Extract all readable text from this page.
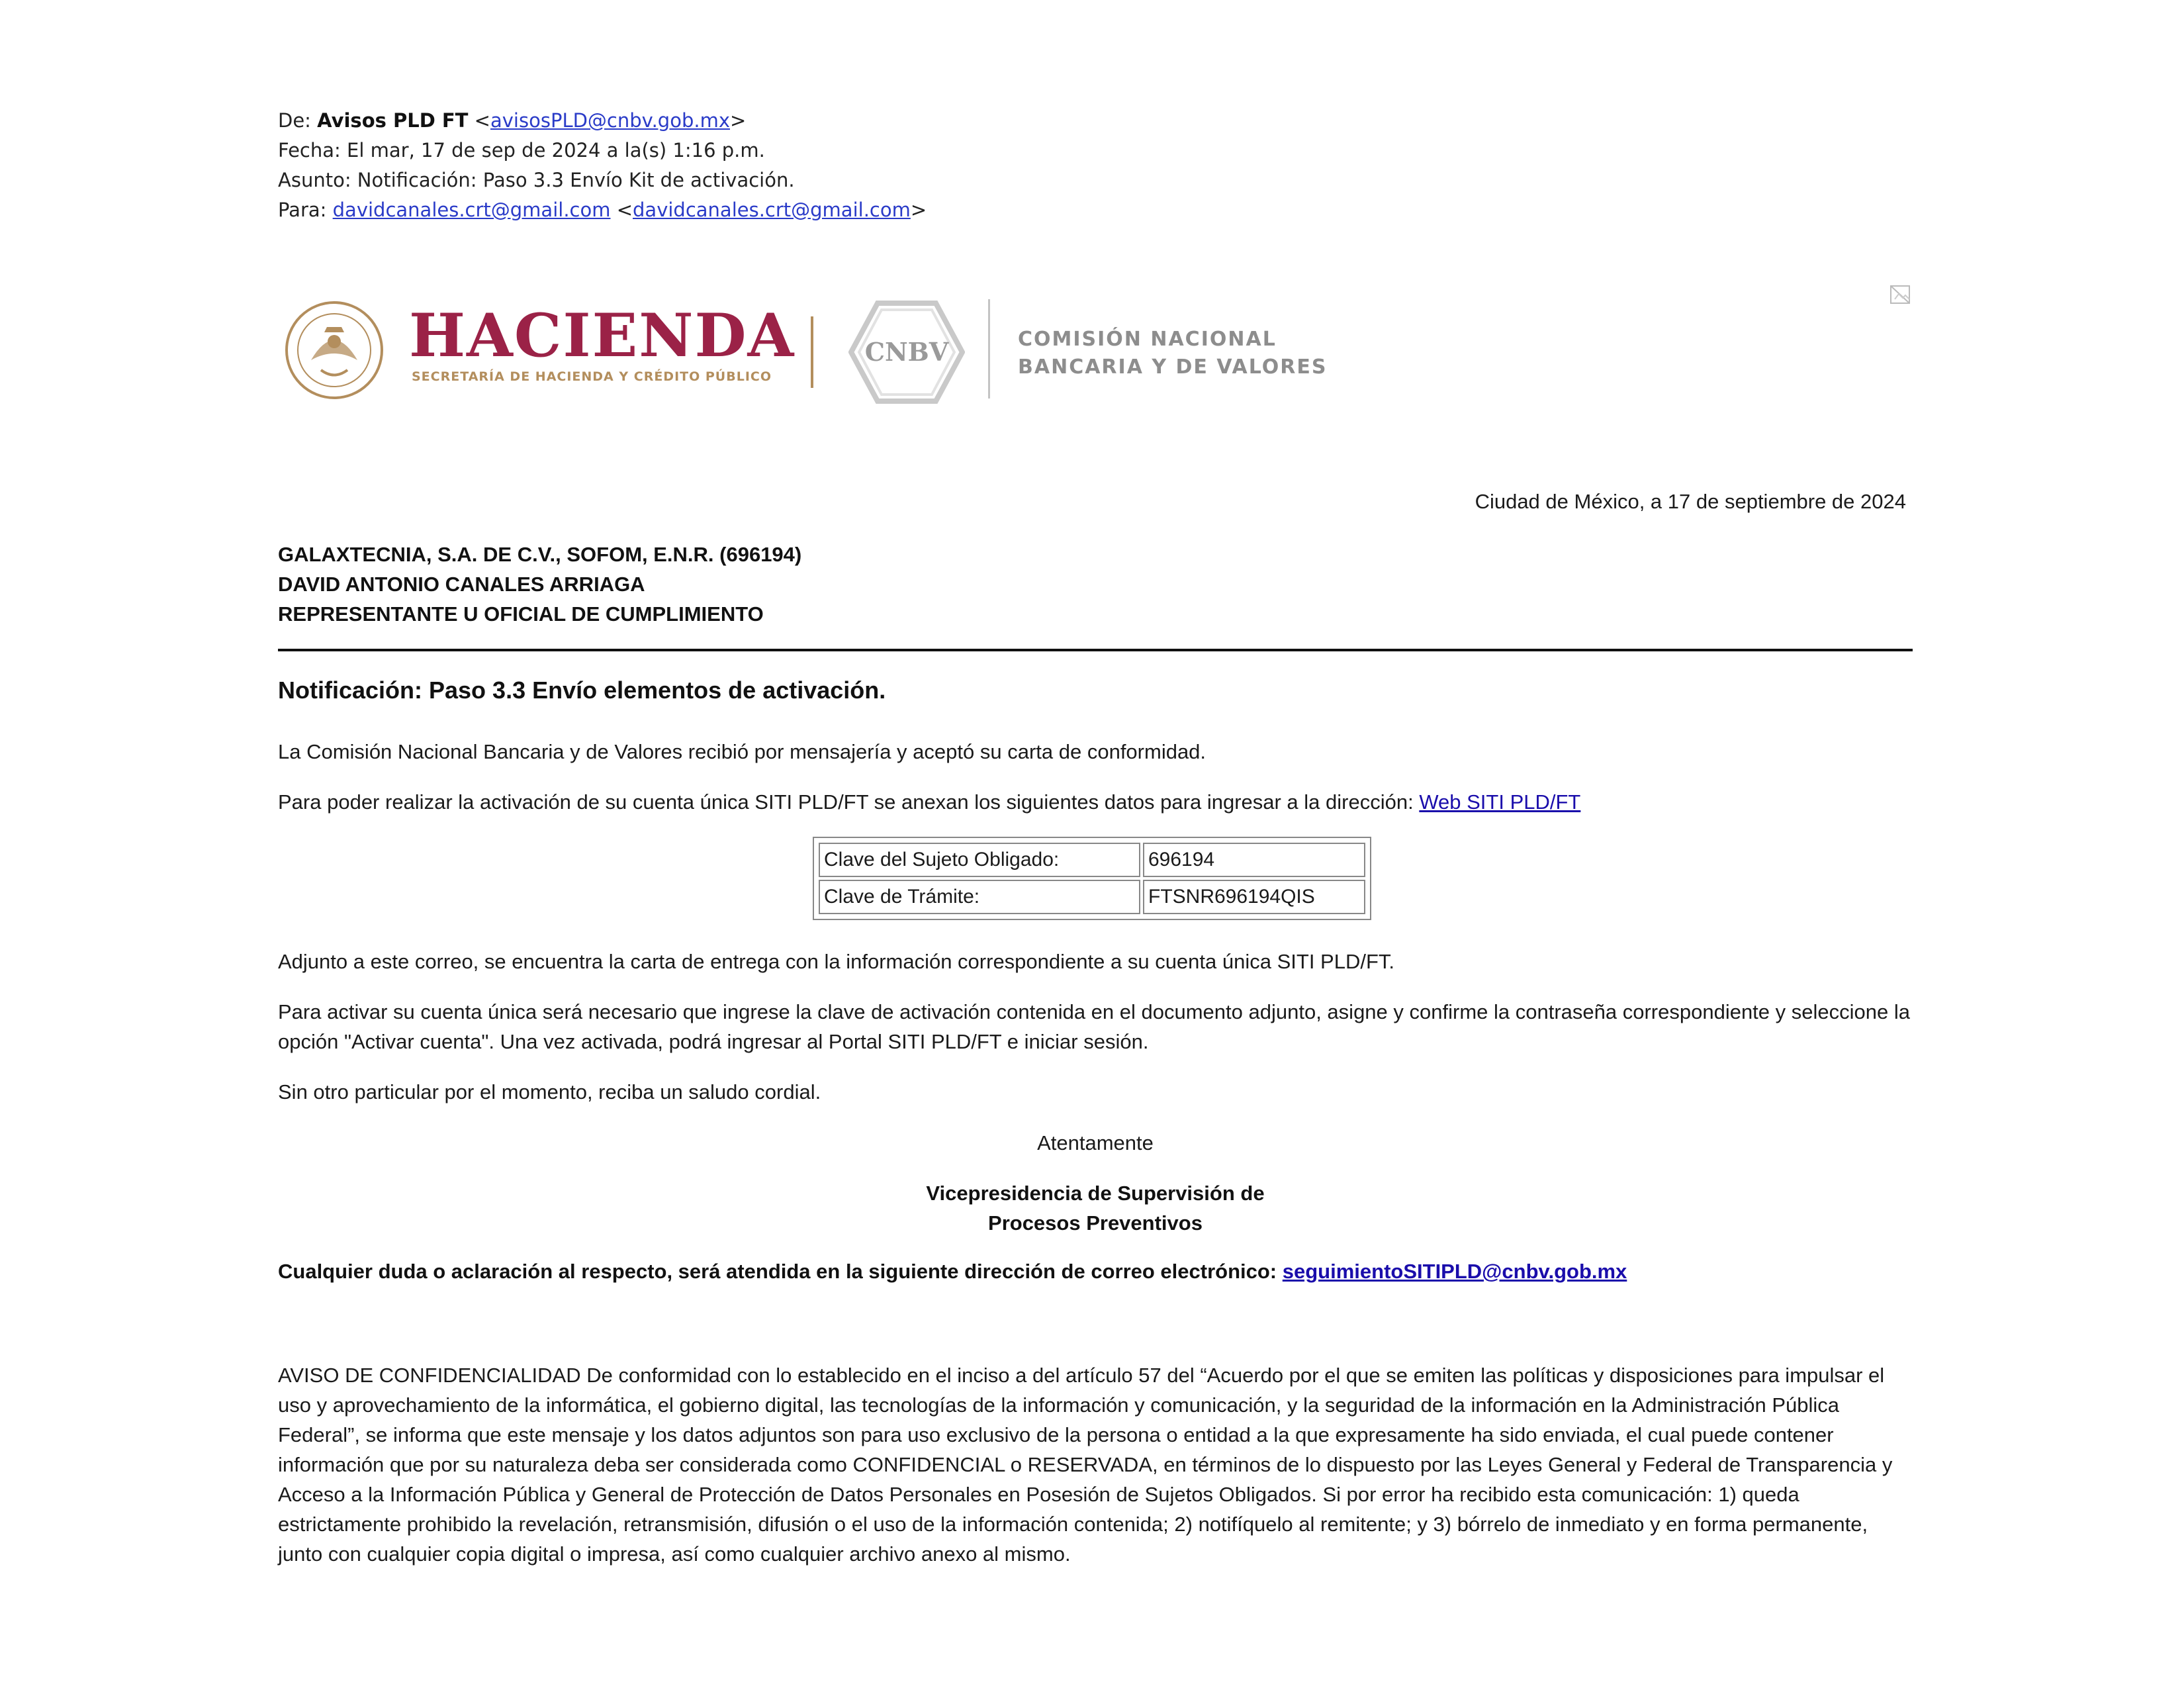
De: Avisos PLD FT <avisosPLD@cnbv.gob.mx>
Fecha: El mar, 17 de sep de 2024 a la(s) 1:16 p.m.
Asunto: Notificación: Paso 3.3 Envío Kit de activación.
Para: davidcanales.crt@gmail.com <davidcanales.crt@gmail.com>
HACIENDA
SECRETARÍA DE HACIENDA Y CRÉDITO PÚBLICO
CNBV	COMISIÓN NACIONAL
BANCARIA Y DE VALORES
Ciudad de México, a 17 de septiembre de 2024
GALAXTECNIA, S.A. DE C.V., SOFOM, E.N.R. (696194)
DAVID ANTONIO CANALES ARRIAGA
REPRESENTANTE U OFICIAL DE CUMPLIMIENTO
Notificación: Paso 3.3 Envío elementos de activación.
La Comisión Nacional Bancaria y de Valores recibió por mensajería y aceptó su carta de conformidad.
Para poder realizar la activación de su cuenta única SITI PLD/FT se anexan los siguientes datos para ingresar a la dirección: Web SITI PLD/FT
Clave del Sujeto Obligado:	696194
Clave de Trámite:	FTSNR696194QIS
Adjunto a este correo, se encuentra la carta de entrega con la información correspondiente a su cuenta única SITI PLD/FT.
Para activar su cuenta única será necesario que ingrese la clave de activación contenida en el documento adjunto, asigne y confirme la contraseña correspondiente y seleccione la opción "Activar cuenta". Una vez activada, podrá ingresar al Portal SITI PLD/FT e iniciar sesión.
Sin otro particular por el momento, reciba un saludo cordial.
Atentamente
Vicepresidencia de Supervisión de
Procesos Preventivos
Cualquier duda o aclaración al respecto, será atendida en la siguiente dirección de correo electrónico: seguimientoSITIPLD@cnbv.gob.mx
AVISO DE CONFIDENCIALIDAD De conformidad con lo establecido en el inciso a del artículo 57 del “Acuerdo por el que se emiten las políticas y disposiciones para impulsar el uso y aprovechamiento de la informática, el gobierno digital, las tecnologías de la información y comunicación, y la seguridad de la información en la Administración Pública Federal”, se informa que este mensaje y los datos adjuntos son para uso exclusivo de la persona o entidad a la que expresamente ha sido enviada, el cual puede contener información que por su naturaleza deba ser considerada como CONFIDENCIAL o RESERVADA, en términos de lo dispuesto por las Leyes General y Federal de Transparencia y Acceso a la Información Pública y General de Protección de Datos Personales en Posesión de Sujetos Obligados. Si por error ha recibido esta comunicación: 1) queda estrictamente prohibido la revelación, retransmisión, difusión o el uso de la información contenida; 2) notifíquelo al remitente; y 3) bórrelo de inmediato y en forma permanente, junto con cualquier copia digital o impresa, así como cualquier archivo anexo al mismo.
